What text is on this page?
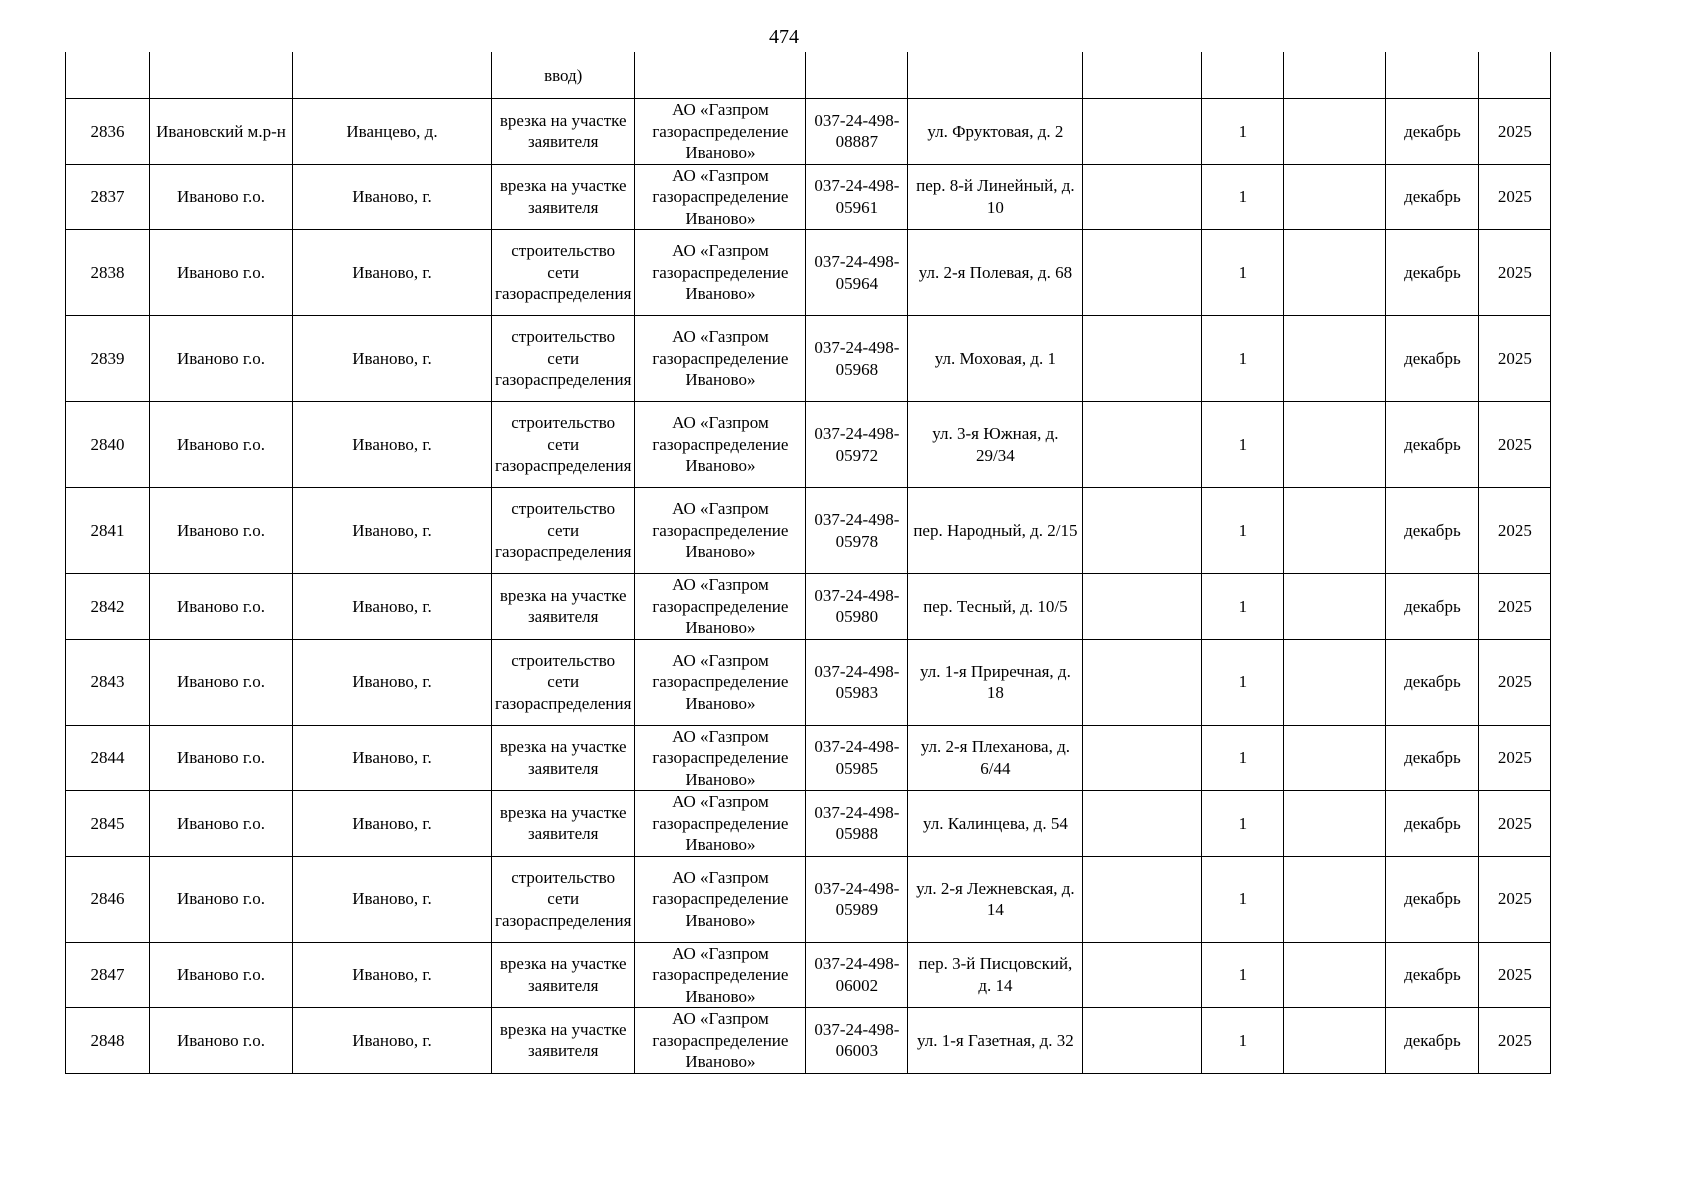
474
			ввод)								
2836	Ивановский м.р-н	Иванцево, д.	врезка на участке заявителя	АО «Газпром газораспределение Иваново»	037-24-498-08887	ул. Фруктовая, д. 2		1		декабрь	2025
2837	Иваново г.о.	Иваново, г.	врезка на участке заявителя	АО «Газпром газораспределение Иваново»	037-24-498-05961	пер. 8-й Линейный, д. 10		1		декабрь	2025
2838	Иваново г.о.	Иваново, г.	строительство сети газораспределения	АО «Газпром газораспределение Иваново»	037-24-498-05964	ул. 2-я Полевая, д. 68		1		декабрь	2025
2839	Иваново г.о.	Иваново, г.	строительство сети газораспределения	АО «Газпром газораспределение Иваново»	037-24-498-05968	ул. Моховая, д. 1		1		декабрь	2025
2840	Иваново г.о.	Иваново, г.	строительство сети газораспределения	АО «Газпром газораспределение Иваново»	037-24-498-05972	ул. 3-я Южная, д. 29/34		1		декабрь	2025
2841	Иваново г.о.	Иваново, г.	строительство сети газораспределения	АО «Газпром газораспределение Иваново»	037-24-498-05978	пер. Народный, д. 2/15		1		декабрь	2025
2842	Иваново г.о.	Иваново, г.	врезка на участке заявителя	АО «Газпром газораспределение Иваново»	037-24-498-05980	пер. Тесный, д. 10/5		1		декабрь	2025
2843	Иваново г.о.	Иваново, г.	строительство сети газораспределения	АО «Газпром газораспределение Иваново»	037-24-498-05983	ул. 1-я Приречная, д. 18		1		декабрь	2025
2844	Иваново г.о.	Иваново, г.	врезка на участке заявителя	АО «Газпром газораспределение Иваново»	037-24-498-05985	ул. 2-я Плеханова, д. 6/44		1		декабрь	2025
2845	Иваново г.о.	Иваново, г.	врезка на участке заявителя	АО «Газпром газораспределение Иваново»	037-24-498-05988	ул. Калинцева, д. 54		1		декабрь	2025
2846	Иваново г.о.	Иваново, г.	строительство сети газораспределения	АО «Газпром газораспределение Иваново»	037-24-498-05989	ул. 2-я Лежневская, д. 14		1		декабрь	2025
2847	Иваново г.о.	Иваново, г.	врезка на участке заявителя	АО «Газпром газораспределение Иваново»	037-24-498-06002	пер. 3-й Писцовский, д. 14		1		декабрь	2025
2848	Иваново г.о.	Иваново, г.	врезка на участке заявителя	АО «Газпром газораспределение Иваново»	037-24-498-06003	ул. 1-я Газетная, д. 32		1		декабрь	2025
